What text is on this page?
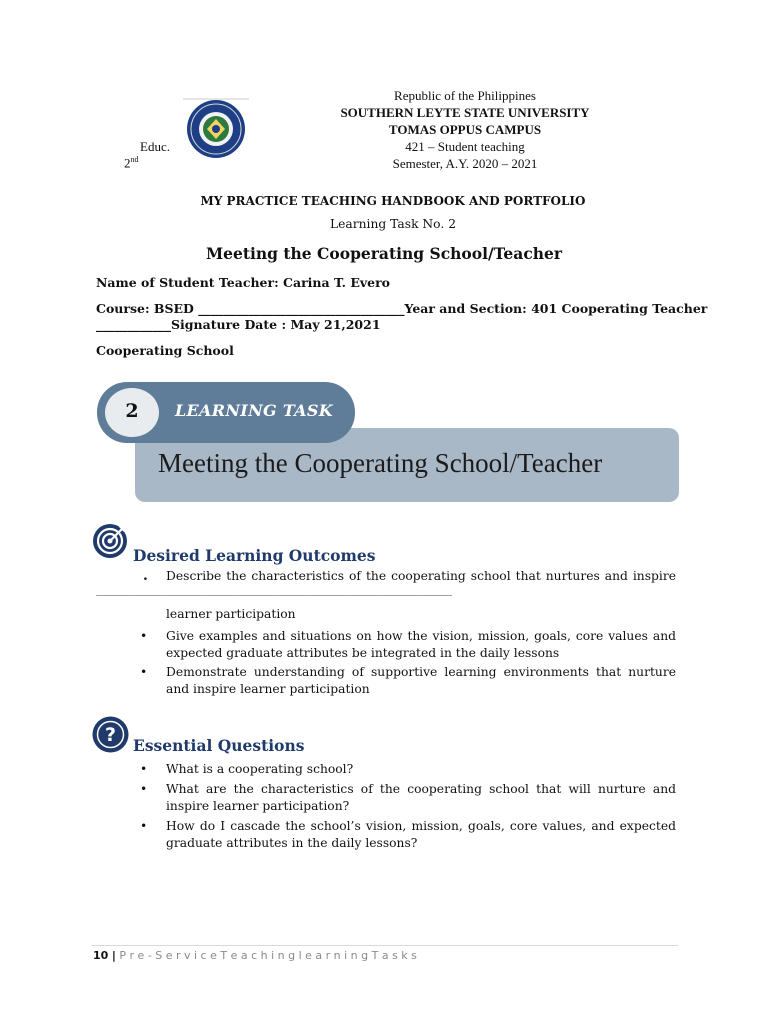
Republic of the Philippines
SOUTHERN LEYTE STATE UNIVERSITY
TOMAS OPPUS CAMPUS
421 – Student teaching
Semester, A.Y. 2020 – 2021
Educ.
2nd
MY PRACTICE TEACHING HANDBOOK AND PORTFOLIO
Learning Task No. 2
Meeting the Cooperating School/Teacher
Name of Student Teacher: Carina T. Evero
Course: BSED _________________________________Year and Section: 401 Cooperating Teacher
____________Signature Date : May 21,2021
Cooperating School
Meeting the Cooperating School/Teacher
2	LEARNING TASK
Desired Learning Outcomes
. Describe the characteristics of the cooperating school that nurtures and inspire
_______________________________________________________________________________
learner participation
•	Give examples and situations on how the vision, mission, goals, core values and expected graduate attributes be integrated in the daily lessons
•	Demonstrate understanding of supportive learning environments that nurture and inspire learner participation
? Essential Questions
•	What is a cooperating school?
•	What are the characteristics of the cooperating school that will nurture and inspire learner participation?
•	How do I cascade the school’s vision, mission, goals, core values, and expected graduate attributes in the daily lessons?
10 | P r e - S e r v i c e T e a c h i n g l e a r n i n g T a s k s
